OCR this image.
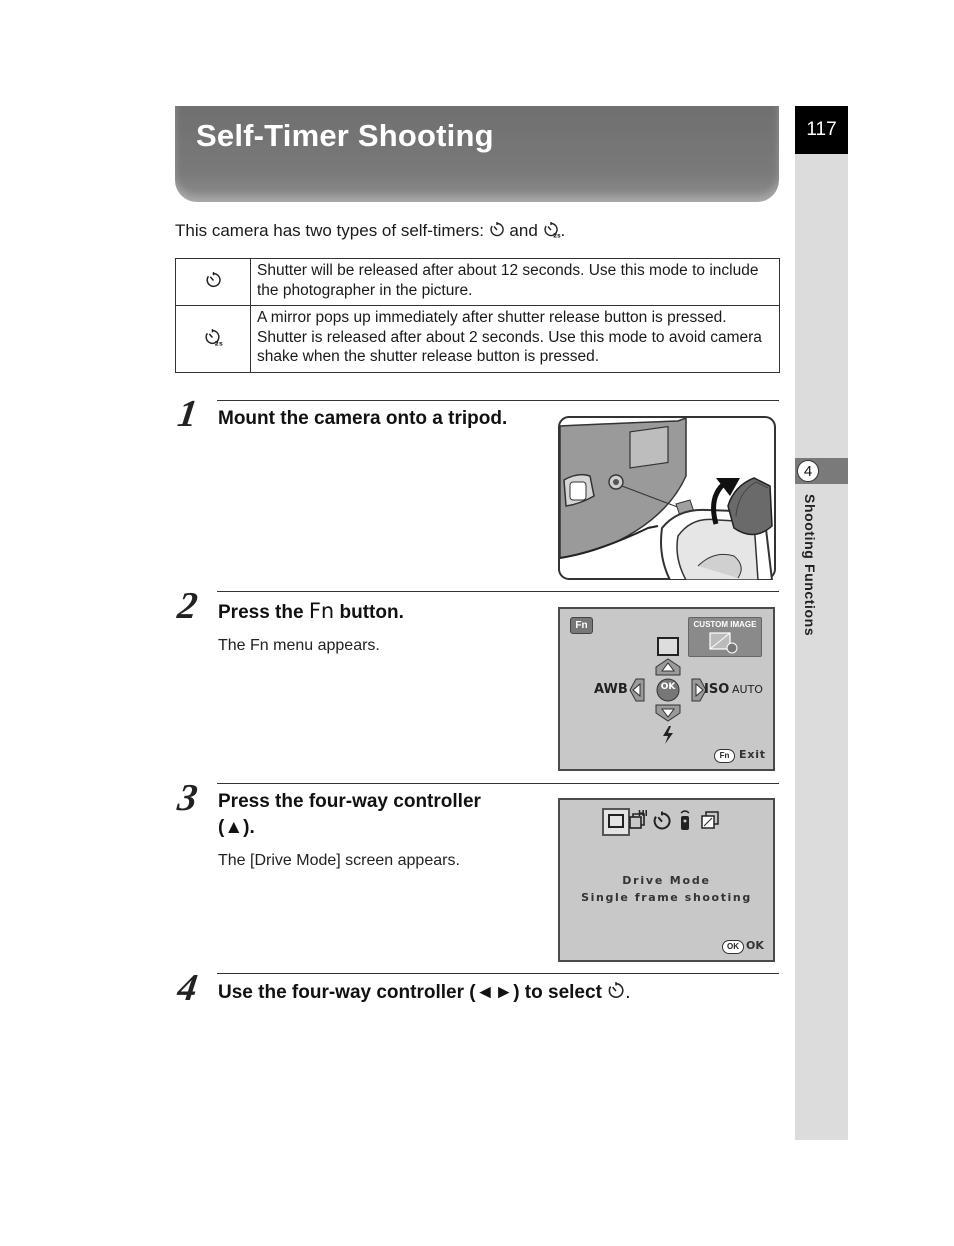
Self-Timer Shooting	117
4
Shooting Functions
This camera has two types of self-timers: and 2s .
	Shutter will be released after about 12 seconds. Use this mode to include the photographer in the picture.

2s	A mirror pops up immediately after shutter release button is pressed. Shutter is released after about 2 seconds. Use this mode to avoid camera shake when the shutter release button is pressed.
1 Mount the camera onto a tripod.
2 Press the Fn button.
The Fn menu appears.
Fn	CUSTOM IMAGE
OK
AWB	ISO AUTO
Fn Exit
3 Press the four-way controller
(▲).
The [Drive Mode] screen appears.
HI
Drive Mode
Single frame shooting
OK OK
4 Use the four-way controller (◄►) to select .
